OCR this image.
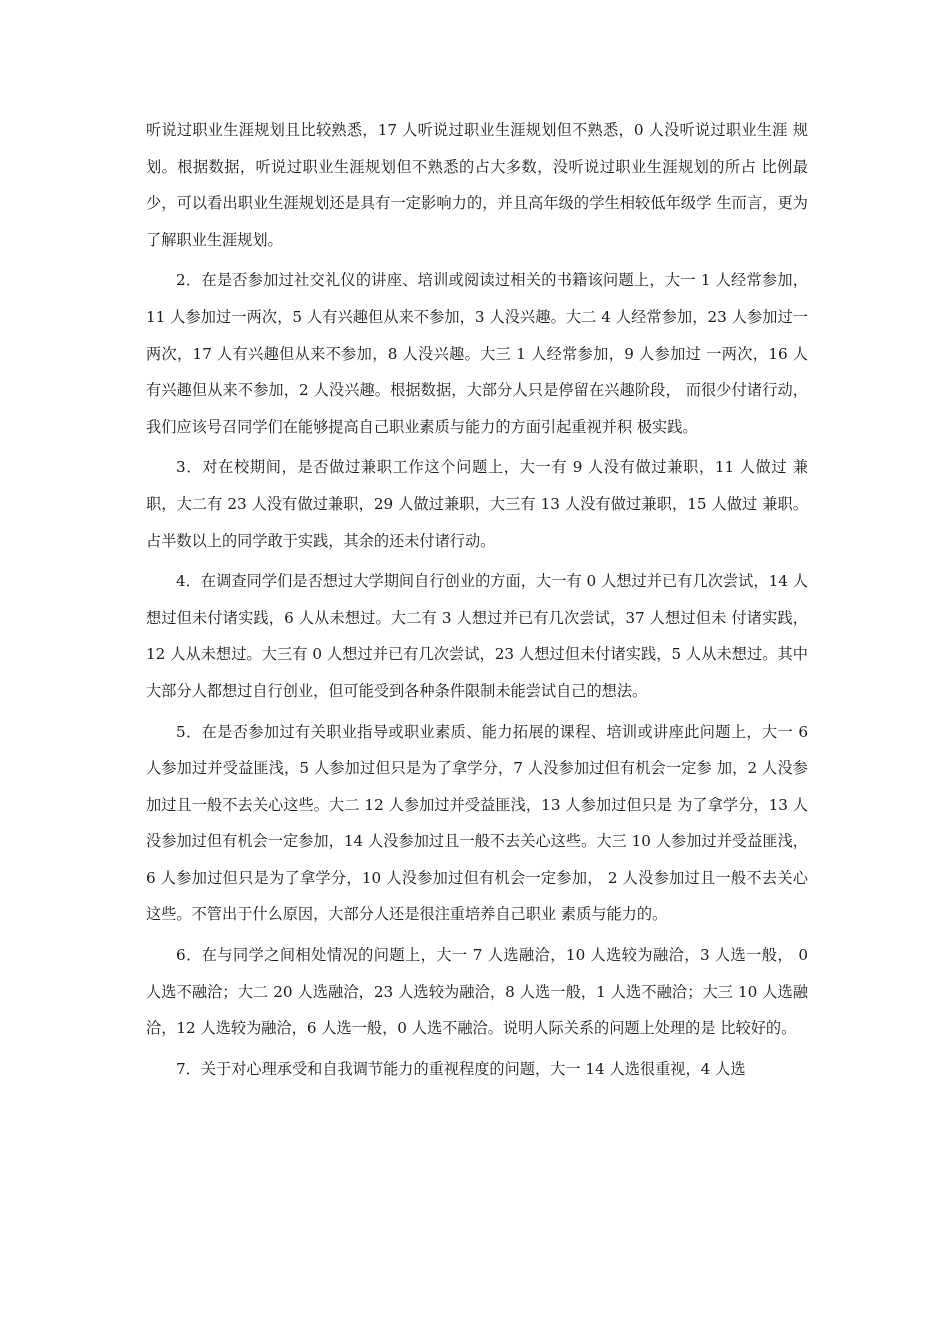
听说过职业生涯规划且比较熟悉，17 人听说过职业生涯规划但不熟悉，0 人没听说过职业生涯 规划。根据数据，听说过职业生涯规划但不熟悉的占大多数，没听说过职业生涯规划的所占 比例最少，可以看出职业生涯规划还是具有一定影响力的，并且高年级的学生相较低年级学 生而言，更为了解职业生涯规划。

2．在是否参加过社交礼仪的讲座、培训或阅读过相关的书籍该问题上，大一 1 人经常参加，11 人参加过一两次，5 人有兴趣但从来不参加，3 人没兴趣。大二 4 人经常参加，23 人参加过一两次，17 人有兴趣但从来不参加，8 人没兴趣。大三 1 人经常参加，9 人参加过 一两次，16 人有兴趣但从来不参加，2 人没兴趣。根据数据，大部分人只是停留在兴趣阶段， 而很少付诸行动，我们应该号召同学们在能够提高自己职业素质与能力的方面引起重视并积 极实践。

3．对在校期间，是否做过兼职工作这个问题上，大一有 9 人没有做过兼职，11 人做过 兼职，大二有 23 人没有做过兼职，29 人做过兼职，大三有 13 人没有做过兼职，15 人做过 兼职。占半数以上的同学敢于实践，其余的还未付诸行动。

4．在调查同学们是否想过大学期间自行创业的方面，大一有 0 人想过并已有几次尝试，14 人想过但未付诸实践，6 人从未想过。大二有 3 人想过并已有几次尝试，37 人想过但未 付诸实践，12 人从未想过。大三有 0 人想过并已有几次尝试，23 人想过但未付诸实践，5 人从未想过。其中大部分人都想过自行创业，但可能受到各种条件限制未能尝试自己的想法。

5．在是否参加过有关职业指导或职业素质、能力拓展的课程、培训或讲座此问题上，大一 6 人参加过并受益匪浅，5 人参加过但只是为了拿学分，7 人没参加过但有机会一定参 加，2 人没参加过且一般不去关心这些。大二 12 人参加过并受益匪浅，13 人参加过但只是 为了拿学分，13 人没参加过但有机会一定参加，14 人没参加过且一般不去关心这些。大三 10 人参加过并受益匪浅，6 人参加过但只是为了拿学分，10 人没参加过但有机会一定参加， 2 人没参加过且一般不去关心这些。不管出于什么原因，大部分人还是很注重培养自己职业 素质与能力的。

6．在与同学之间相处情况的问题上，大一 7 人选融洽，10 人选较为融洽，3 人选一般， 0 人选不融洽；大二 20 人选融洽，23 人选较为融洽，8 人选一般，1 人选不融洽；大三 10 人选融洽，12 人选较为融洽，6 人选一般，0 人选不融洽。说明人际关系的问题上处理的是 比较好的。

7．关于对心理承受和自我调节能力的重视程度的问题，大一 14 人选很重视，4 人选
